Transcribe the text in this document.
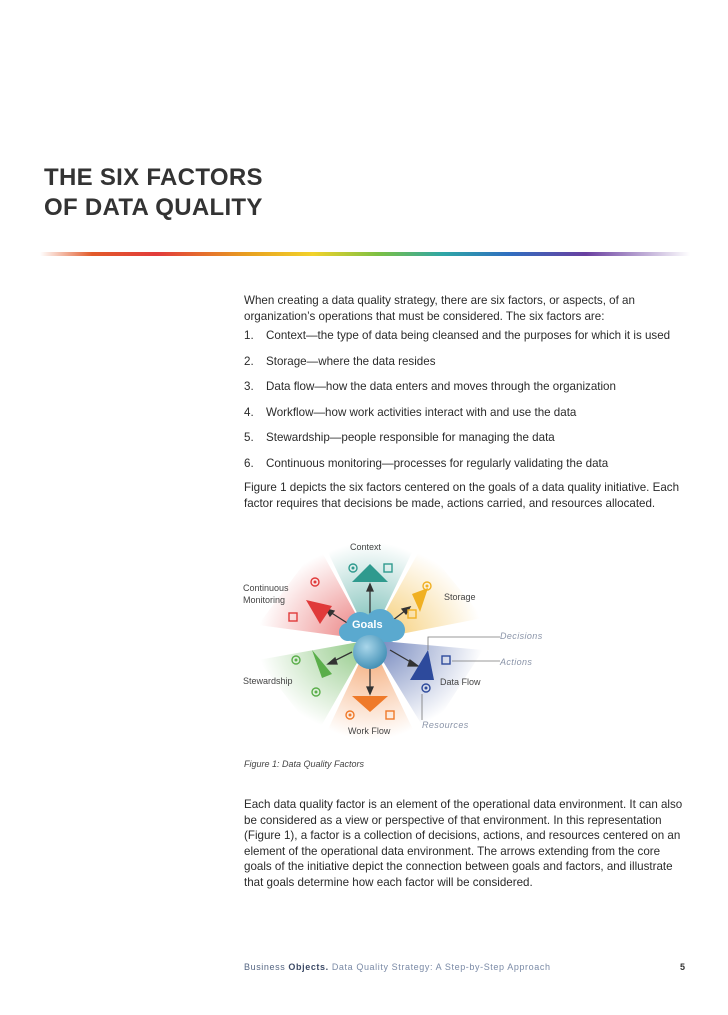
THE SIX FACTORS
OF DATA QUALITY

When creating a data quality strategy, there are six factors, or aspects, of an organization’s operations that must be considered. The six factors are:

1.	Context—the type of data being cleansed and the purposes for which it is used
2.	Storage—where the data resides
3.	Data flow—how the data enters and moves through the organization
4.	Workflow—how work activities interact with and use the data
5.	Stewardship—people responsible for managing the data
6.	Continuous monitoring—processes for regularly validating the data

Figure 1 depicts the six factors centered on the goals of a data quality initiative. Each factor requires that decisions be made, actions carried, and resources allocated.

Context
Continuous
Monitoring	Storage
Goals
Decisions
Actions
Stewardship	Data Flow
Resources
Work Flow
Figure 1: Data Quality Factors

Each data quality factor is an element of the operational data environment. It can also be considered as a view or perspective of that environment. In this representation (Figure 1), a factor is a collection of decisions, actions, and resources centered on an element of the operational data environment. The arrows extending from the core goals of the initiative depict the connection between goals and factors, and illustrate that goals determine how each factor will be considered.

Business Objects. Data Quality Strategy: A Step-by-Step Approach	5
